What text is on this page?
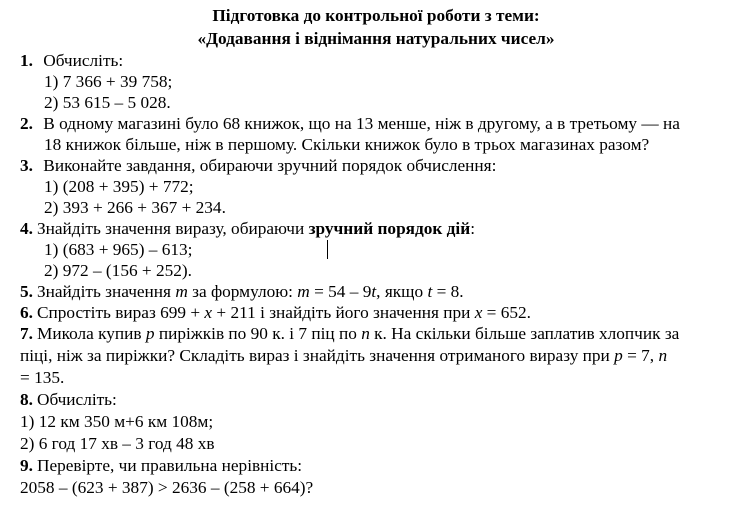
Підготовка до контрольної роботи з теми:
«Додавання і віднімання натуральних чисел»
1. Обчисліть:
1) 7 366 + 39 758;
2) 53 615 – 5 028.
2. В одному магазині було 68 книжок, що на 13 менше, ніж в другому, а в третьому — на
18 книжок більше, ніж в першому. Скільки книжок було в трьох магазинах разом?
3. Виконайте завдання, обираючи зручний порядок обчислення:
1) (208 + 395) + 772;
2) 393 + 266 + 367 + 234.
4. Знайдіть значення виразу, обираючи зручний порядок дій:
1) (683 + 965) – 613;
2) 972 – (156 + 252).
5. Знайдіть значення m за формулою: m = 54 – 9t, якщо t = 8.
6. Спростіть вираз 699 + x + 211 і знайдіть його значення при x = 652.
7. Микола купив p пиріжків по 90 к. і 7 піц по n к. На скільки більше заплатив хлопчик за
піці, ніж за пиріжки? Складіть вираз і знайдіть значення отриманого виразу при p = 7, n
= 135.
8. Обчисліть:
1) 12 км 350 м+6 км 108м;
2) 6 год 17 хв – 3 год 48 хв
9. Перевірте, чи правильна нерівність:
2058 – (623 + 387) > 2636 – (258 + 664)?
